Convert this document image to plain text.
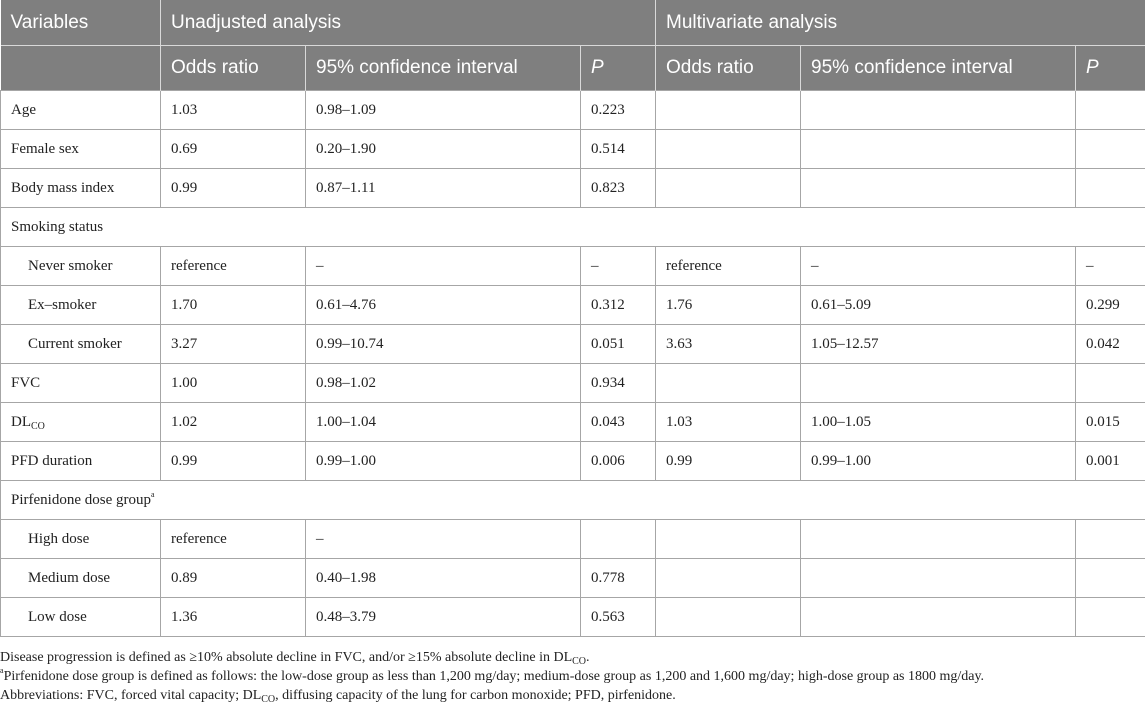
Variables	Unadjusted analysis			Multivariate analysis		
	Odds ratio	95% confidence interval	P	Odds ratio	95% confidence interval	P
Age	1.03	0.98–1.09	0.223			
Female sex	0.69	0.20–1.90	0.514			
Body mass index	0.99	0.87–1.11	0.823			
Smoking status						
Never smoker	reference	–	–	reference	–	–
Ex–smoker	1.70	0.61–4.76	0.312	1.76	0.61–5.09	0.299
Current smoker	3.27	0.99–10.74	0.051	3.63	1.05–12.57	0.042
FVC	1.00	0.98–1.02	0.934			
$DL_{CO}$	1.02	1.00–1.04	0.043	1.03	1.00–1.05	0.015
PFD duration	0.99	0.99–1.00	0.006	0.99	0.99–1.00	0.001
Pirfenidone dose group$^a$
High dose	reference	–				
Medium dose	0.89	0.40–1.98	0.778			
Low dose	1.36	0.48–3.79	0.563			

Disease progression is defined as ≥10% absolute decline in FVC, and/or ≥15% absolute decline in $DL_{CO}$.

$^a$Pirfenidone dose group is defined as follows: the low-dose group as less than 1,200 mg/day; medium-dose group as 1,200 and 1,600 mg/day; high-dose group as 1800 mg/day.

Abbreviations: FVC, forced vital capacity; $DL_{CO}$, diffusing capacity of the lung for carbon monoxide; PFD, pirfenidone.
